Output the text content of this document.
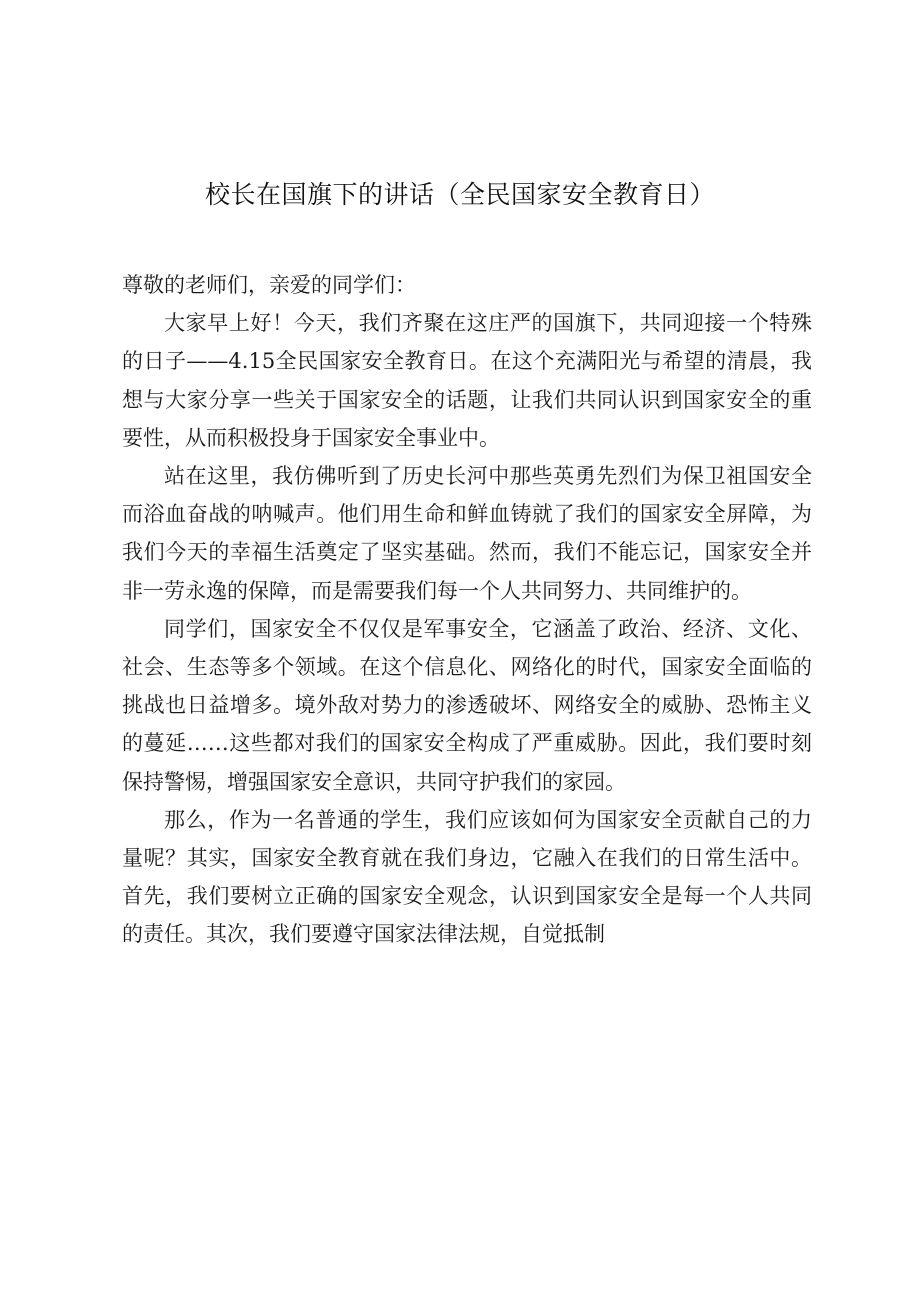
校长在国旗下的讲话（全民国家安全教育日）

尊敬的老师们，亲爱的同学们：

大家早上好！今天，我们齐聚在这庄严的国旗下，共同迎接一个特殊的日子——4.15全民国家安全教育日。在这个充满阳光与希望的清晨，我想与大家分享一些关于国家安全的话题，让我们共同认识到国家安全的重要性，从而积极投身于国家安全事业中。

站在这里，我仿佛听到了历史长河中那些英勇先烈们为保卫祖国安全而浴血奋战的呐喊声。他们用生命和鲜血铸就了我们的国家安全屏障，为我们今天的幸福生活奠定了坚实基础。然而，我们不能忘记，国家安全并非一劳永逸的保障，而是需要我们每一个人共同努力、共同维护的。

同学们，国家安全不仅仅是军事安全，它涵盖了政治、经济、文化、社会、生态等多个领域。在这个信息化、网络化的时代，国家安全面临的挑战也日益增多。境外敌对势力的渗透破坏、网络安全的威胁、恐怖主义的蔓延……这些都对我们的国家安全构成了严重威胁。因此，我们要时刻保持警惕，增强国家安全意识，共同守护我们的家园。

那么，作为一名普通的学生，我们应该如何为国家安全贡献自己的力量呢？其实，国家安全教育就在我们身边，它融入在我们的日常生活中。首先，我们要树立正确的国家安全观念，认识到国家安全是每一个人共同的责任。其次，我们要遵守国家法律法规，自觉抵制
